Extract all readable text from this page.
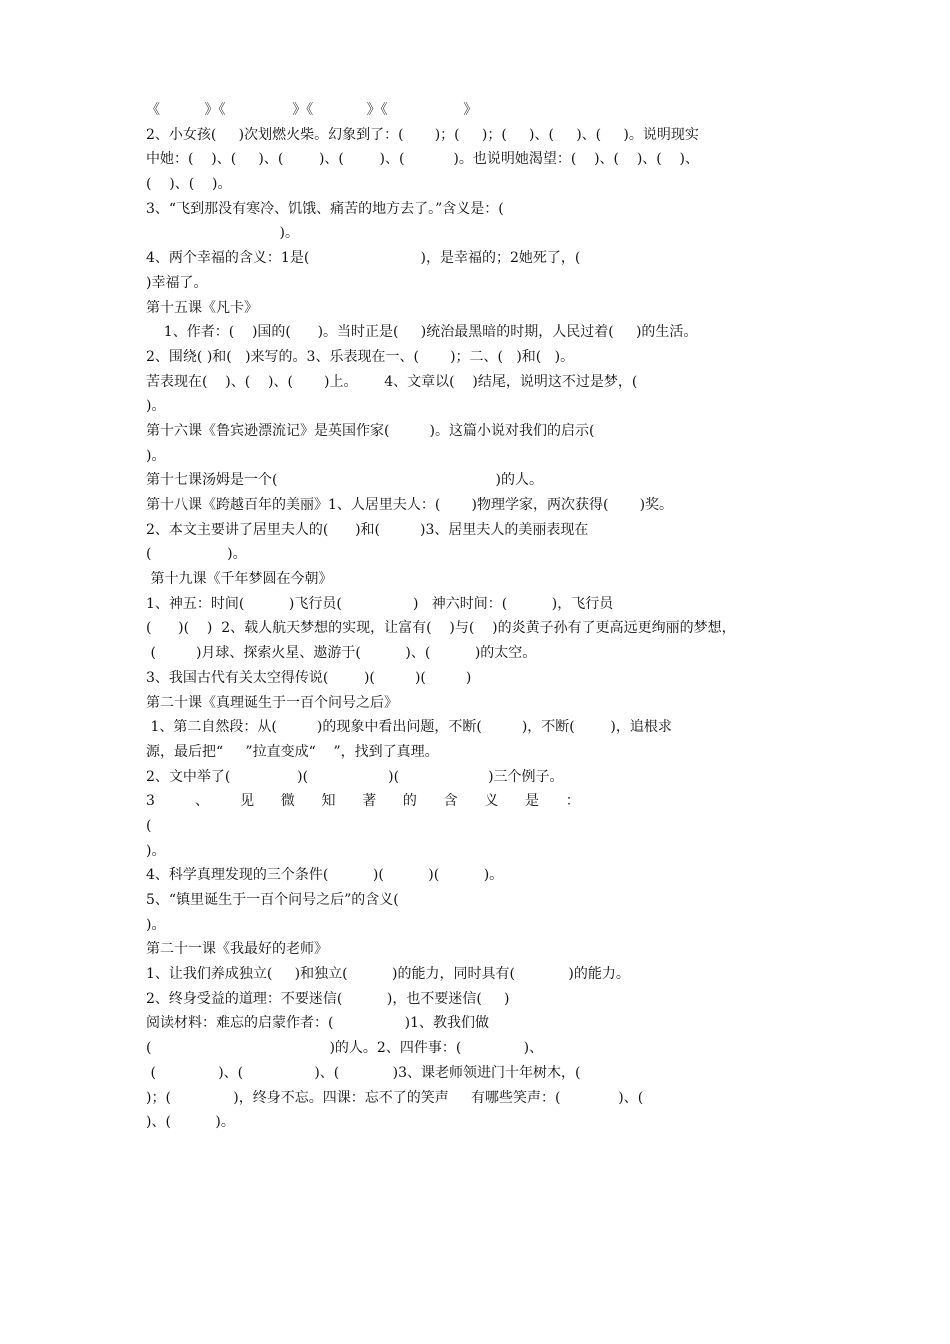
《          》《               》《            》《                 》
2、小女孩(     )次划燃火柴。幻象到了：(       )；(     )；(     )、(     )、(     )。说明现实
中她：(    )、(     )、(        )、(        )、(           )。也说明她渴望：(    )、(    )、(    )、
(    )、(    )。
3、“飞到那没有寒冷、饥饿、痛苦的地方去了。”含义是：(
)。
4、两个幸福的含义：1是(                         )，是幸福的；2她死了，(
)幸福了。
第十五课《凡卡》
1、作者：(    )国的(      )。当时正是(     )统治最黑暗的时期，人民过着(     )的生活。
2、围绕( )和(   )来写的。3、乐表现在一、(       )；二、(   )和(   )。
苦表现在(    )、(    )、(       )上。      4、文章以(    )结尾，说明这不过是梦，(
)。
第十六课《鲁宾逊漂流记》是英国作家(         )。这篇小说对我们的启示(
)。
第十七课汤姆是一个(                                                 )的人。
第十八课《跨越百年的美丽》1、人居里夫人：(       )物理学家，两次获得(       )奖。
2、本文主要讲了居里夫人的(      )和(         )3、居里夫人的美丽表现在
(                 )。
第十九课《千年梦圆在今朝》
1、神五：时间(          )飞行员(                )   神六时间：(          )，飞行员
(      )(    )  2、载人航天梦想的实现，让富有(    )与(    )的炎黄子孙有了更高远更绚丽的梦想，
(         )月球、探索火星、遨游于(          )、(          )的太空。
3、我国古代有关太空得传说(        )(         )(         )
第二十课《真理诞生于一百个问号之后》
1、第二自然段：从(         )的现象中看出问题，不断(         )，不断(        )，追根求
源，最后把“     ”拉直变成“    ”，找到了真理。
2、文中举了(               )(                  )(                    )三个例子。
3         、       见      微      知      著      的      含      义      是      ：
(
)。
4、科学真理发现的三个条件(          )(          )(          )。
5、“镇里诞生于一百个问号之后”的含义(
)。
第二十一课《我最好的老师》
1、让我们养成独立(     )和独立(          )的能力，同时具有(            )的能力。
2、终身受益的道理：不要迷信(          )，也不要迷信(     )
阅读材料：难忘的启蒙作者：(                )1、教我们做
(                                        )的人。2、四件事：(              )、
(              )、(                )、(            )3、课老师领进门十年树木，(
)；(              )，终身不忘。四课：忘不了的笑声     有哪些笑声：(             )、(
)、(          )。
